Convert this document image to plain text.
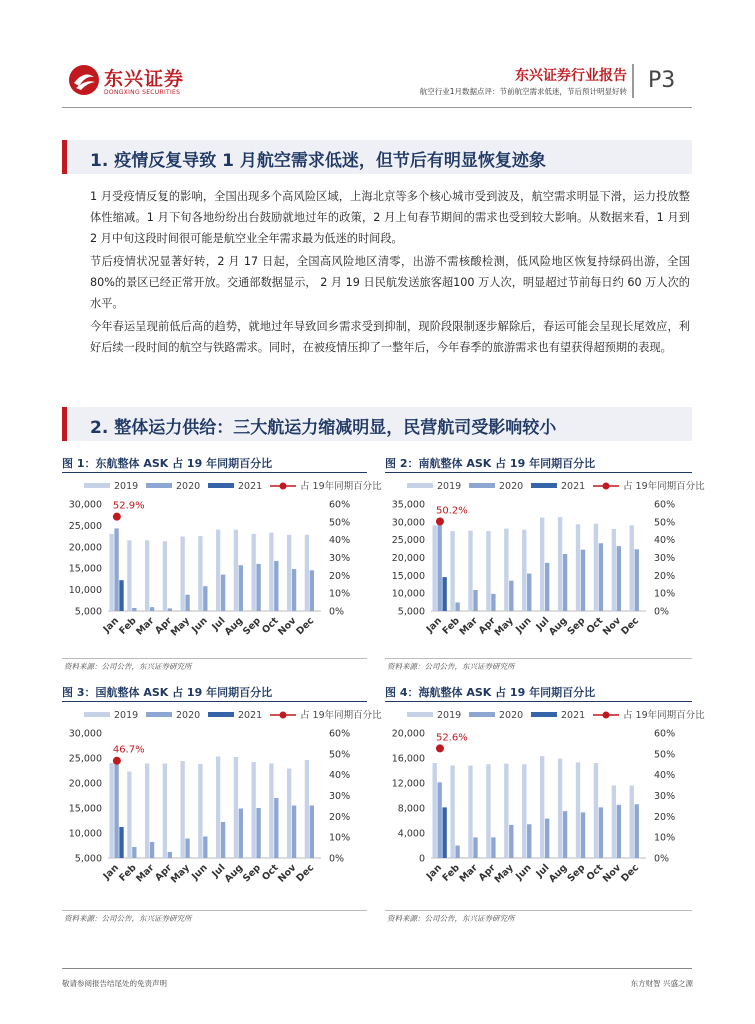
东兴证券
DONGXING SECURITIES
东兴证券行业报告
航空行业1月数据点评：节前航空需求低迷，节后预计明显好转 P3
1. 疫情反复导致 1 月航空需求低迷，但节后有明显恢复迹象
1 月受疫情反复的影响，全国出现多个高风险区域，上海北京等多个核心城市受到波及，航空需求明显下滑，运力投放整体性缩减。1 月下旬各地纷纷出台鼓励就地过年的政策，2 月上旬春节期间的需求也受到较大影响。从数据来看，1 月到 2 月中旬这段时间很可能是航空业全年需求最为低迷的时间段。
节后疫情状况显著好转，2 月 17 日起，全国高风险地区清零，出游不需核酸检测，低风险地区恢复持绿码出游，全国 80%的景区已经正常开放。交通部数据显示， 2 月 19 日民航发送旅客超100 万人次，明显超过节前每日约 60 万人次的水平。
今年春运呈现前低后高的趋势，就地过年导致回乡需求受到抑制，现阶段限制逐步解除后，春运可能会呈现长尾效应，利好后续一段时间的航空与铁路需求。同时，在被疫情压抑了一整年后，今年春季的旅游需求也有望获得超预期的表现。
2. 整体运力供给：三大航运力缩减明显，民营航司受影响较小
图 1：东航整体 ASK 占 19 年同期百分比
2019	2020	2021	占 19年同期百分比
30,000
25,000
20,000
15,000
10,000
5,000
60%
50%
40%
30%
20%
10%
0%
Jan
Feb
Mar
Apr
May
Jun Jul
Aug
Sep
Oct
Nov
Dec
52.9%
资料来源：公司公告，东兴证券研究所
图 2：南航整体 ASK 占 19 年同期百分比
2019	2020	2021	占 19年同期百分比
35,000
30,000
25,000
20,000
15,000
10,000
5,000
60%
50%
40%
30%
20%
10%
0%
Jan
Feb
Mar
Apr
May
Jun Jul
Aug
Sep
Oct
Nov
Dec
50.2%
资料来源：公司公告，东兴证券研究所
图 3：国航整体 ASK 占 19 年同期百分比
2019	2020	2021	占 19年同期百分比
30,000
25,000
20,000
15,000
10,000
5,000
60%
50%
40%
30%
20%
10%
0%
Jan
Feb
Mar
Apr
May
Jun Jul
Aug
Sep
Oct
Nov
Dec
46.7%
资料来源：公司公告，东兴证券研究所
图 4：海航整体 ASK 占 19 年同期百分比
2019	2020	2021	占 19年同期百分比
20,000
16,000
12,000
8,000
4,000
0
60%
50%
40%
30%
20%
10%
0%
Jan
Feb
Mar
Apr
May
Jun Jul
Aug
Sep
Oct
Nov
Dec
52.6%
资料来源：公司公告，东兴证券研究所
敬请参阅报告结尾处的免责声明	东方财智 兴盛之源
